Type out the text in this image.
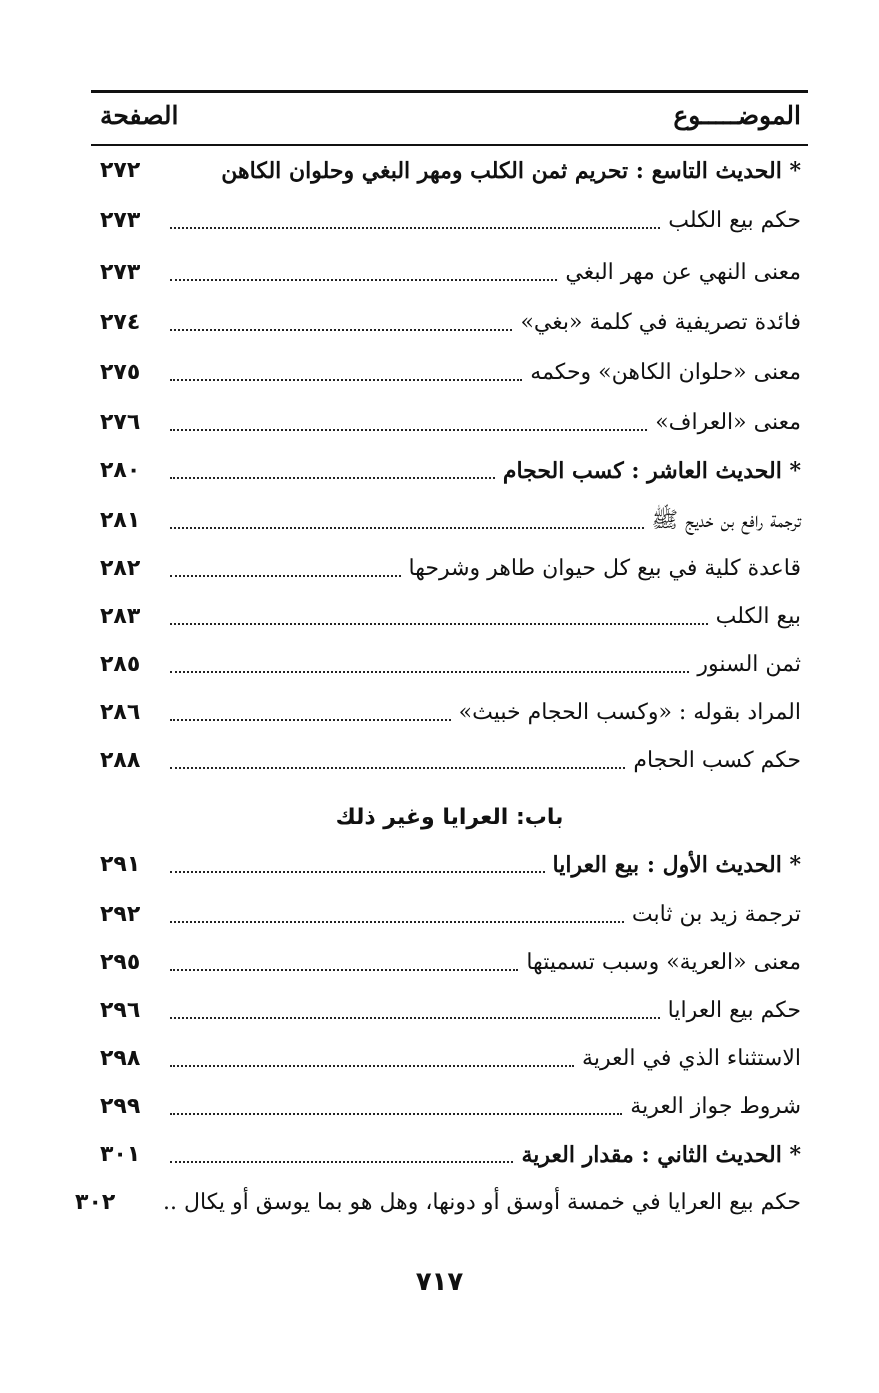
الموضـــــوع
الصفحة
* الحديث التاسع : تحريم ثمن الكلب ومهر البغي وحلوان الكاهن
٢٧٢
حكم بيع الكلب
٢٧٣
معنى النهي عن مهر البغي
٢٧٣
فائدة تصريفية في كلمة «بغي»
٢٧٤
معنى «حلوان الكاهن» وحكمه
٢٧٥
معنى «العراف»
٢٧٦
* الحديث العاشر : كسب الحجام
٢٨٠
ترجمة رافع بن خديج ﷺ
٢٨١
قاعدة كلية في بيع كل حيوان طاهر وشرحها
٢٨٢
بيع الكلب
٢٨٣
ثمن السنور
٢٨٥
المراد بقوله : «وكسب الحجام خبيث»
٢٨٦
حكم كسب الحجام
٢٨٨
باب: العرايا وغير ذلك
* الحديث الأول : بيع العرايا
٢٩١
ترجمة زيد بن ثابت
٢٩٢
معنى «العرية» وسبب تسميتها
٢٩٥
حكم بيع العرايا
٢٩٦
الاستثناء الذي في العرية
٢٩٨
شروط جواز العرية
٢٩٩
* الحديث الثاني : مقدار العرية
٣٠١
حكم بيع العرايا في خمسة أوسق أو دونها، وهل هو بما يوسق أو يكال ..
٣٠٢
٧١٧
